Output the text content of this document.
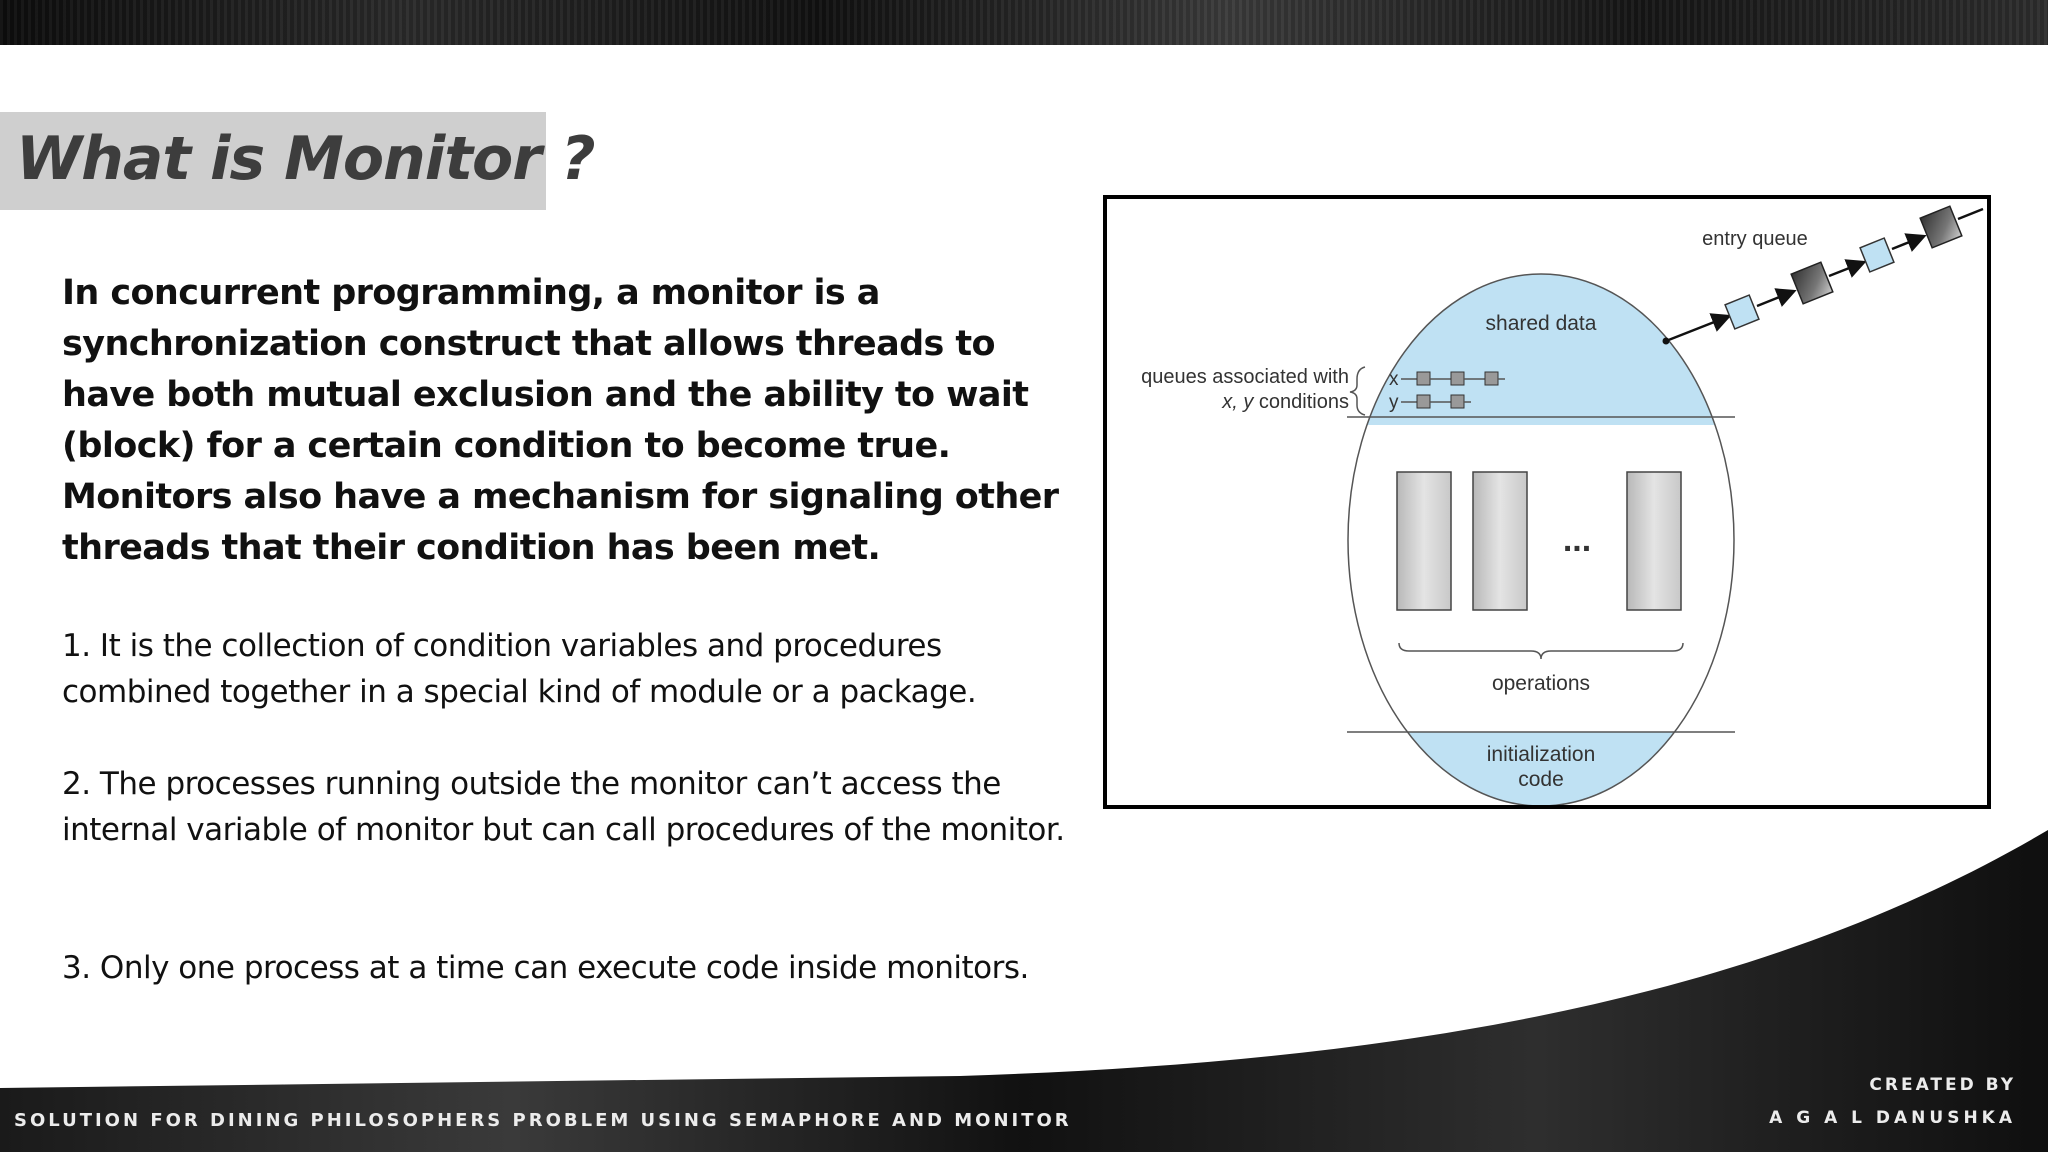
What is Monitor ?
In concurrent programming, a monitor is a synchronization construct that allows threads to have both mutual exclusion and the ability to wait (block) for a certain condition to become true. Monitors also have a mechanism for signaling other threads that their condition has been met.
1. It is the collection of condition variables and procedures combined together in a special kind of module or a package.
2. The processes running outside the monitor can’t access the internal variable of monitor but can call procedures of the monitor.
3. Only one process at a time can execute code inside monitors.
shared data
queues associated with
x, y conditions
x
y
...
operations
initialization
code
entry queue
SOLUTION FOR DINING PHILOSOPHERS PROBLEM USING SEMAPHORE AND MONITOR
CREATED BY
A G A L DANUSHKA
